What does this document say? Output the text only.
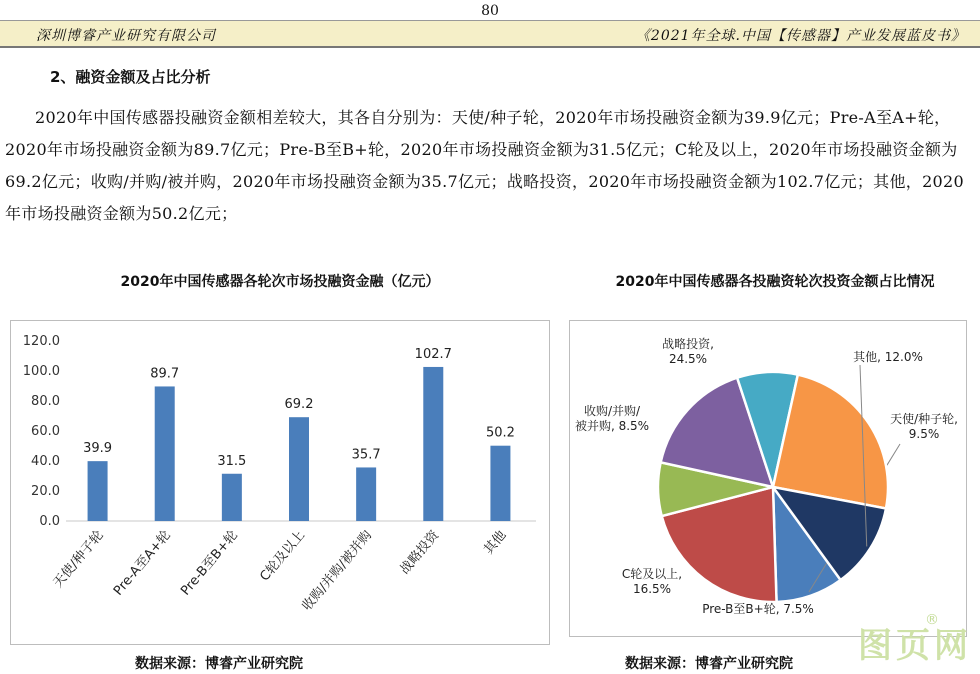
80
深圳博睿产业研究有限公司	《2021年全球.中国【传感器】产业发展蓝皮书》
2、融资金额及占比分析
2020年中国传感器投融资金额相差较大，其各自分别为：天使/种子轮，2020年市场投融资金额为39.9亿元；Pre-A至A+轮，2020年市场投融资金额为89.7亿元；Pre-B至B+轮，2020年市场投融资金额为31.5亿元；C轮及以上，2020年市场投融资金额为69.2亿元；收购/并购/被并购，2020年市场投融资金额为35.7亿元；战略投资，2020年市场投融资金额为102.7亿元；其他，2020年市场投融资金额为50.2亿元；
2020年中国传感器各轮次市场投融资金融（亿元）	2020年中国传感器各投融资轮次投资金额占比情况
0.0
20.0
40.0
60.0
80.0
100.0
120.0
39.9
天使/种子轮
89.7
Pre-A至A+轮
31.5
Pre-B至B+轮
69.2
C轮及以上
35.7
收购/并购/被并购
102.7
战略投资
50.2
其他
天使/种子轮,
9.5%
Pre-B至B+轮, 7.5%
C轮及以上,
16.5%
收购/并购/
被并购, 8.5%
战略投资,
24.5%	其他, 12.0%
数据来源：博睿产业研究院	数据来源：博睿产业研究院 图页网
®
